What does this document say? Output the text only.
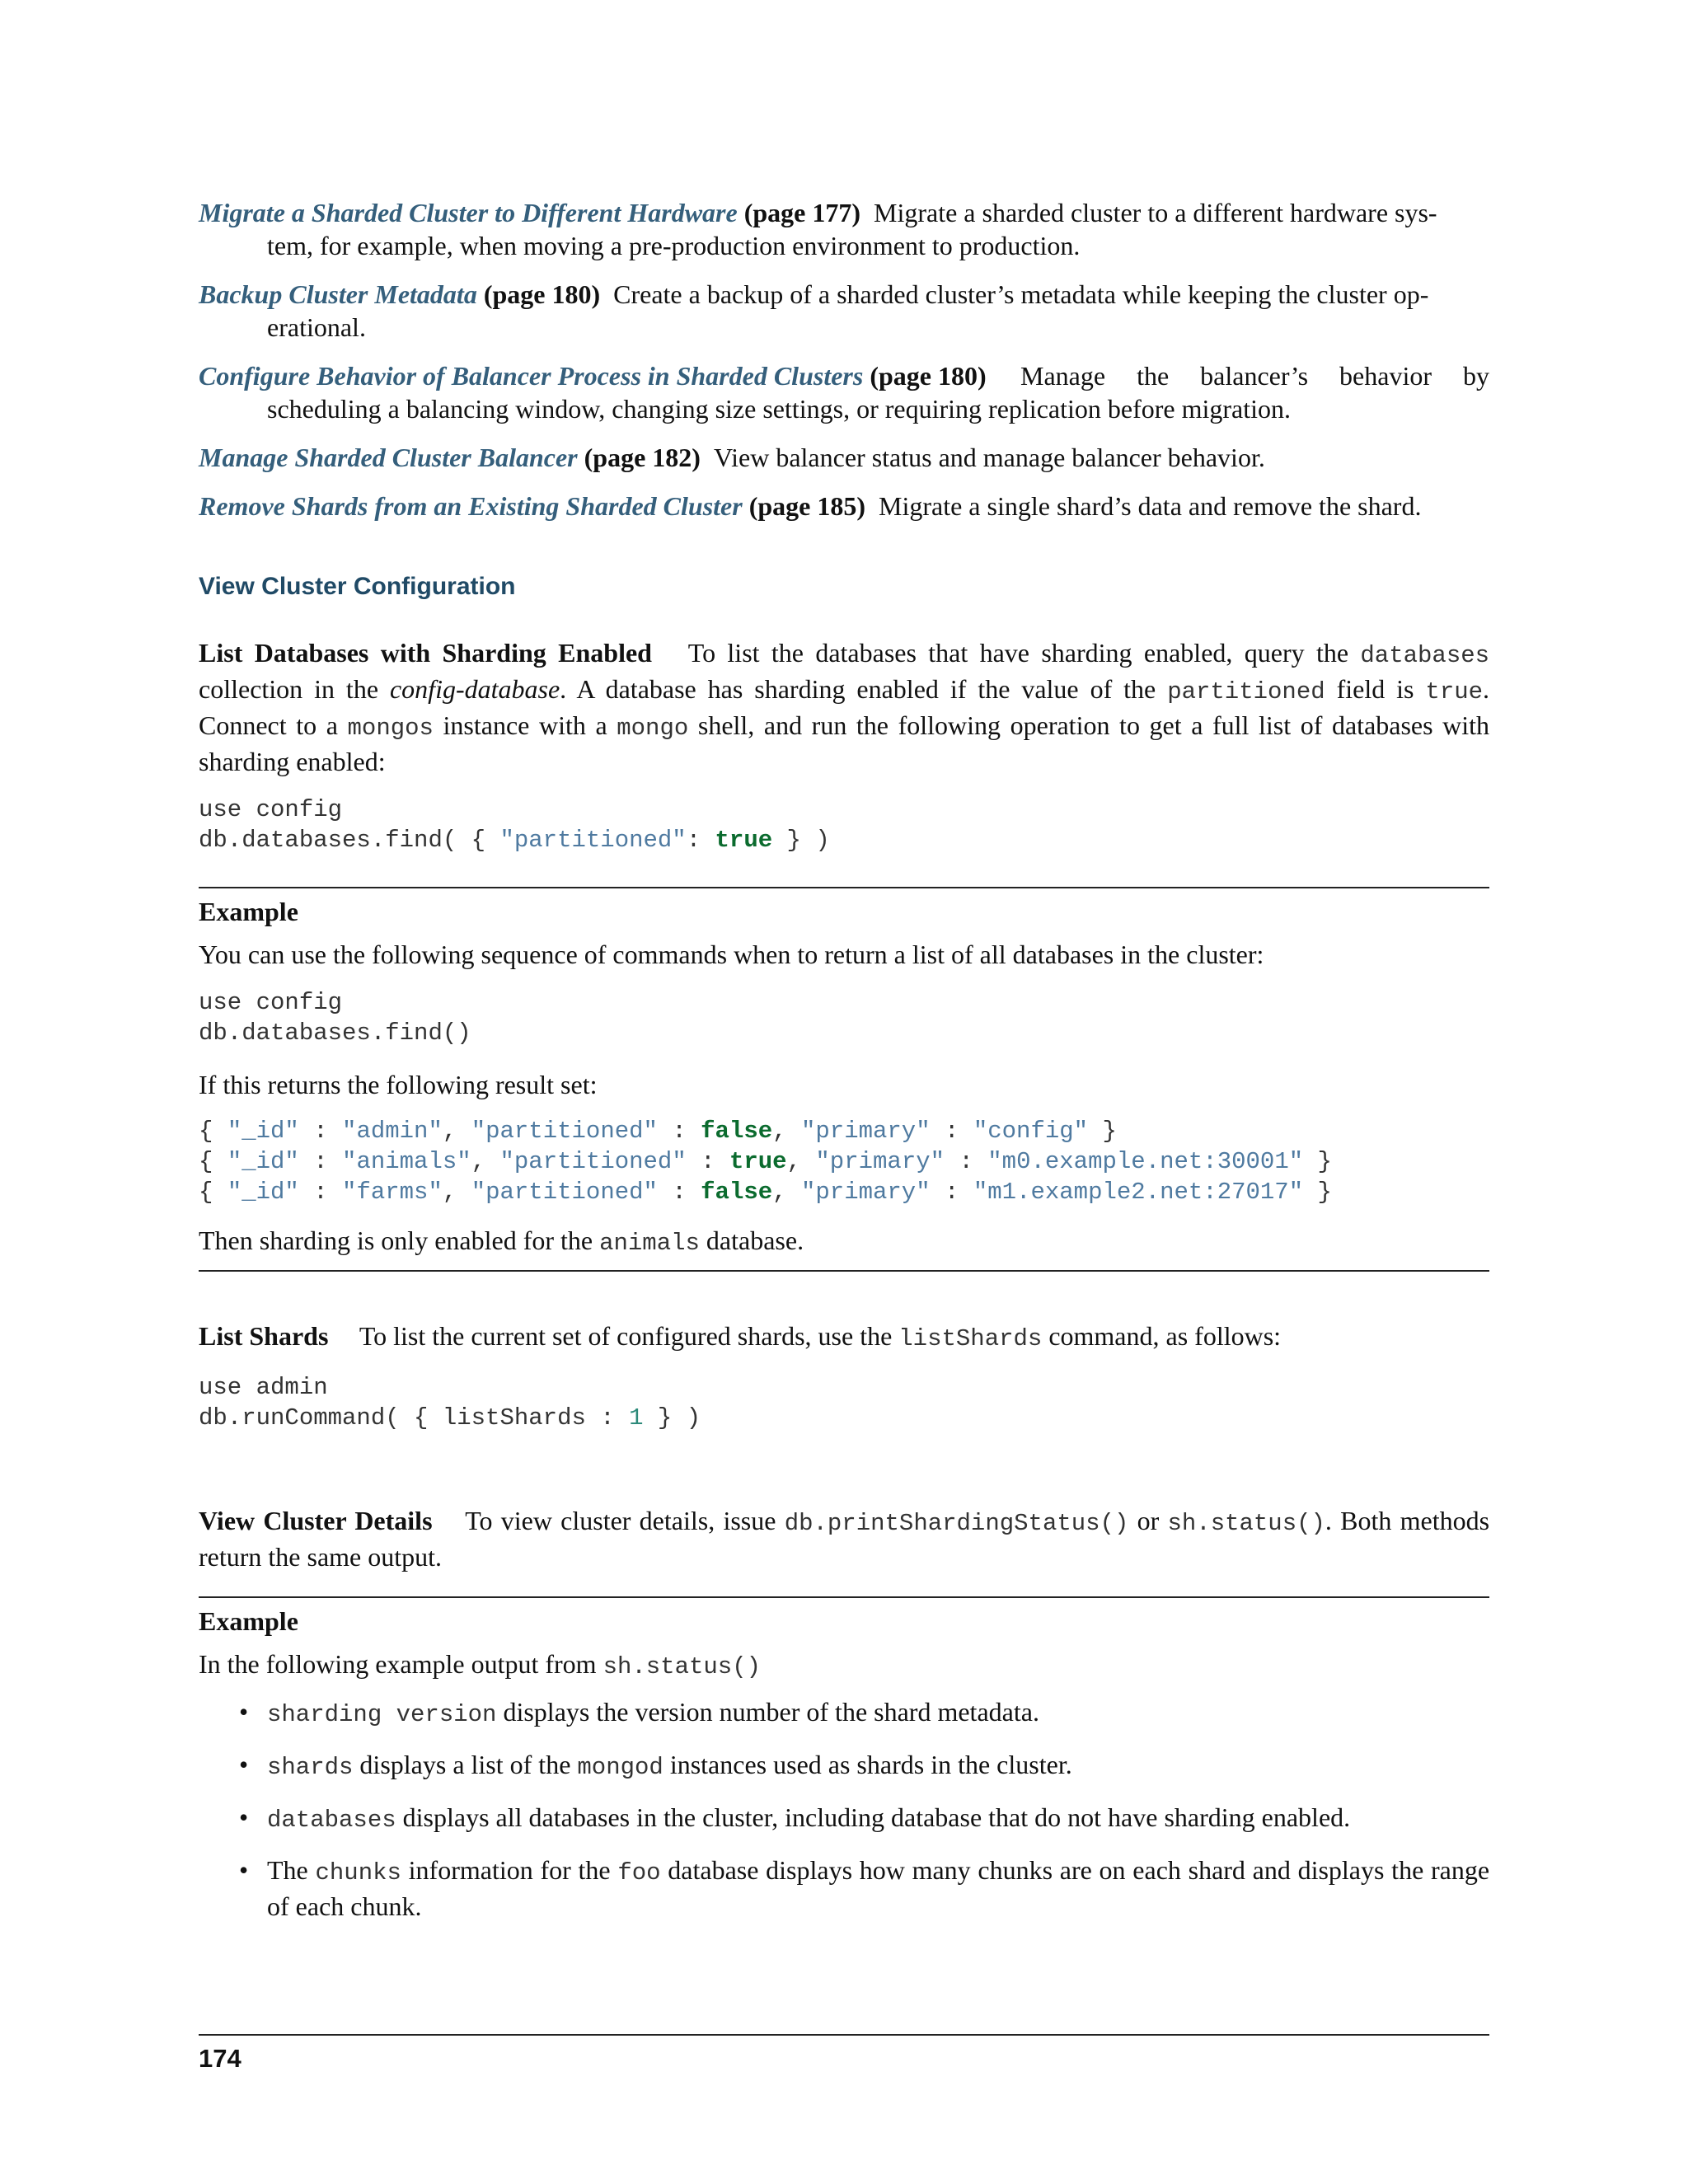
Migrate a Sharded Cluster to Different Hardware (page 177) Migrate a sharded cluster to a different hardware sys-
tem, for example, when moving a pre-production environment to production.
Backup Cluster Metadata (page 180) Create a backup of a sharded cluster’s metadata while keeping the cluster op-
erational.
Configure Behavior of Balancer Process in Sharded Clusters (page 180) Manage the balancer’s behavior by
scheduling a balancing window, changing size settings, or requiring replication before migration.
Manage Sharded Cluster Balancer (page 182) View balancer status and manage balancer behavior.
Remove Shards from an Existing Sharded Cluster (page 185) Migrate a single shard’s data and remove the shard.
View Cluster Configuration

List Databases with Sharding Enabled To list the databases that have sharding enabled, query the databases collection in the config-database. A database has sharding enabled if the value of the partitioned field is true. Connect to a mongos instance with a mongo shell, and run the following operation to get a full list of databases with sharding enabled:

use config
db.databases.find( { "partitioned": true } )
Example
You can use the following sequence of commands when to return a list of all databases in the cluster:
use config
db.databases.find()
If this returns the following result set:
{ "_id" : "admin", "partitioned" : false, "primary" : "config" }
{ "_id" : "animals", "partitioned" : true, "primary" : "m0.example.net:30001" }
{ "_id" : "farms", "partitioned" : false, "primary" : "m1.example2.net:27017" }
Then sharding is only enabled for the animals database.

List Shards To list the current set of configured shards, use the listShards command, as follows:

use admin
db.runCommand( { listShards : 1 } )

View Cluster Details To view cluster details, issue db.printShardingStatus() or sh.status(). Both methods return the same output.

Example
In the following example output from sh.status()
• sharding version displays the version number of the shard metadata.
• shards displays a list of the mongod instances used as shards in the cluster.
• databases displays all databases in the cluster, including database that do not have sharding enabled.
• The chunks information for the foo database displays how many chunks are on each shard and displays the range of each chunk.
174
